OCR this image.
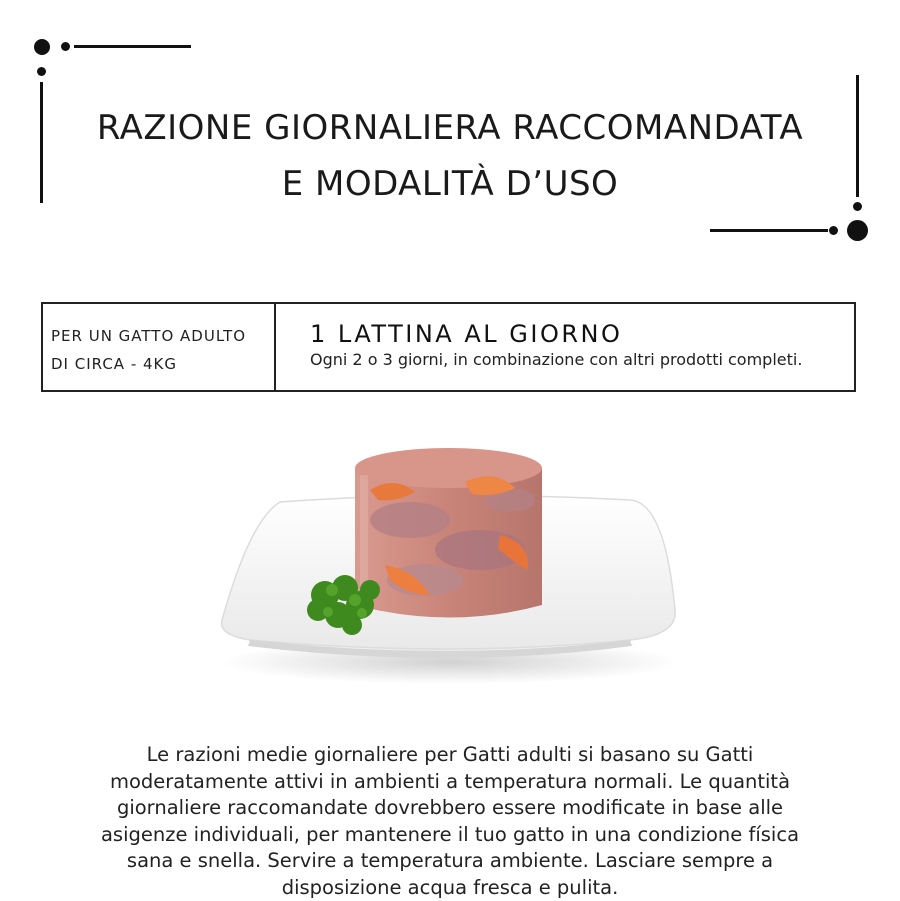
RAZIONE GIORNALIERA RACCOMANDATA
E MODALITÀ D’USO
PER UN GATTO ADULTO
DI CIRCA - 4KG
1 LATTINA AL GIORNO
Ogni 2 o 3 giorni, in combinazione con altri prodotti completi.

Le razioni medie giornaliere per Gatti adulti si basano su Gatti moderatamente attivi in ambienti a temperatura normali. Le quantità giornaliere raccomandate dovrebbero essere modificate in base alle asigenze individuali, per mantenere il tuo gatto in una condizione física sana e snella. Servire a temperatura ambiente. Lasciare sempre a disposizione acqua fresca e pulita.
